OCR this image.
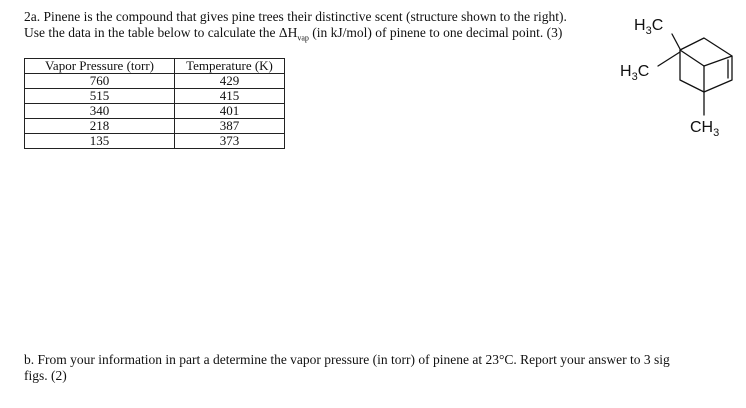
2a. Pinene is the compound that gives pine trees their distinctive scent (structure shown to the right).
Use the data in the table below to calculate the $\Delta H_{vap}$ (in kJ/mol) of pinene to one decimal point. (3)
Vapor Pressure (torr)	Temperature (K)
760	429
515	415
340	401
218	387
135	373
$H_3C$
$H_3C$
$CH_3$
b. From your information in part a determine the vapor pressure (in torr) of pinene at 23°C. Report your answer to 3 sig
figs. (2)
